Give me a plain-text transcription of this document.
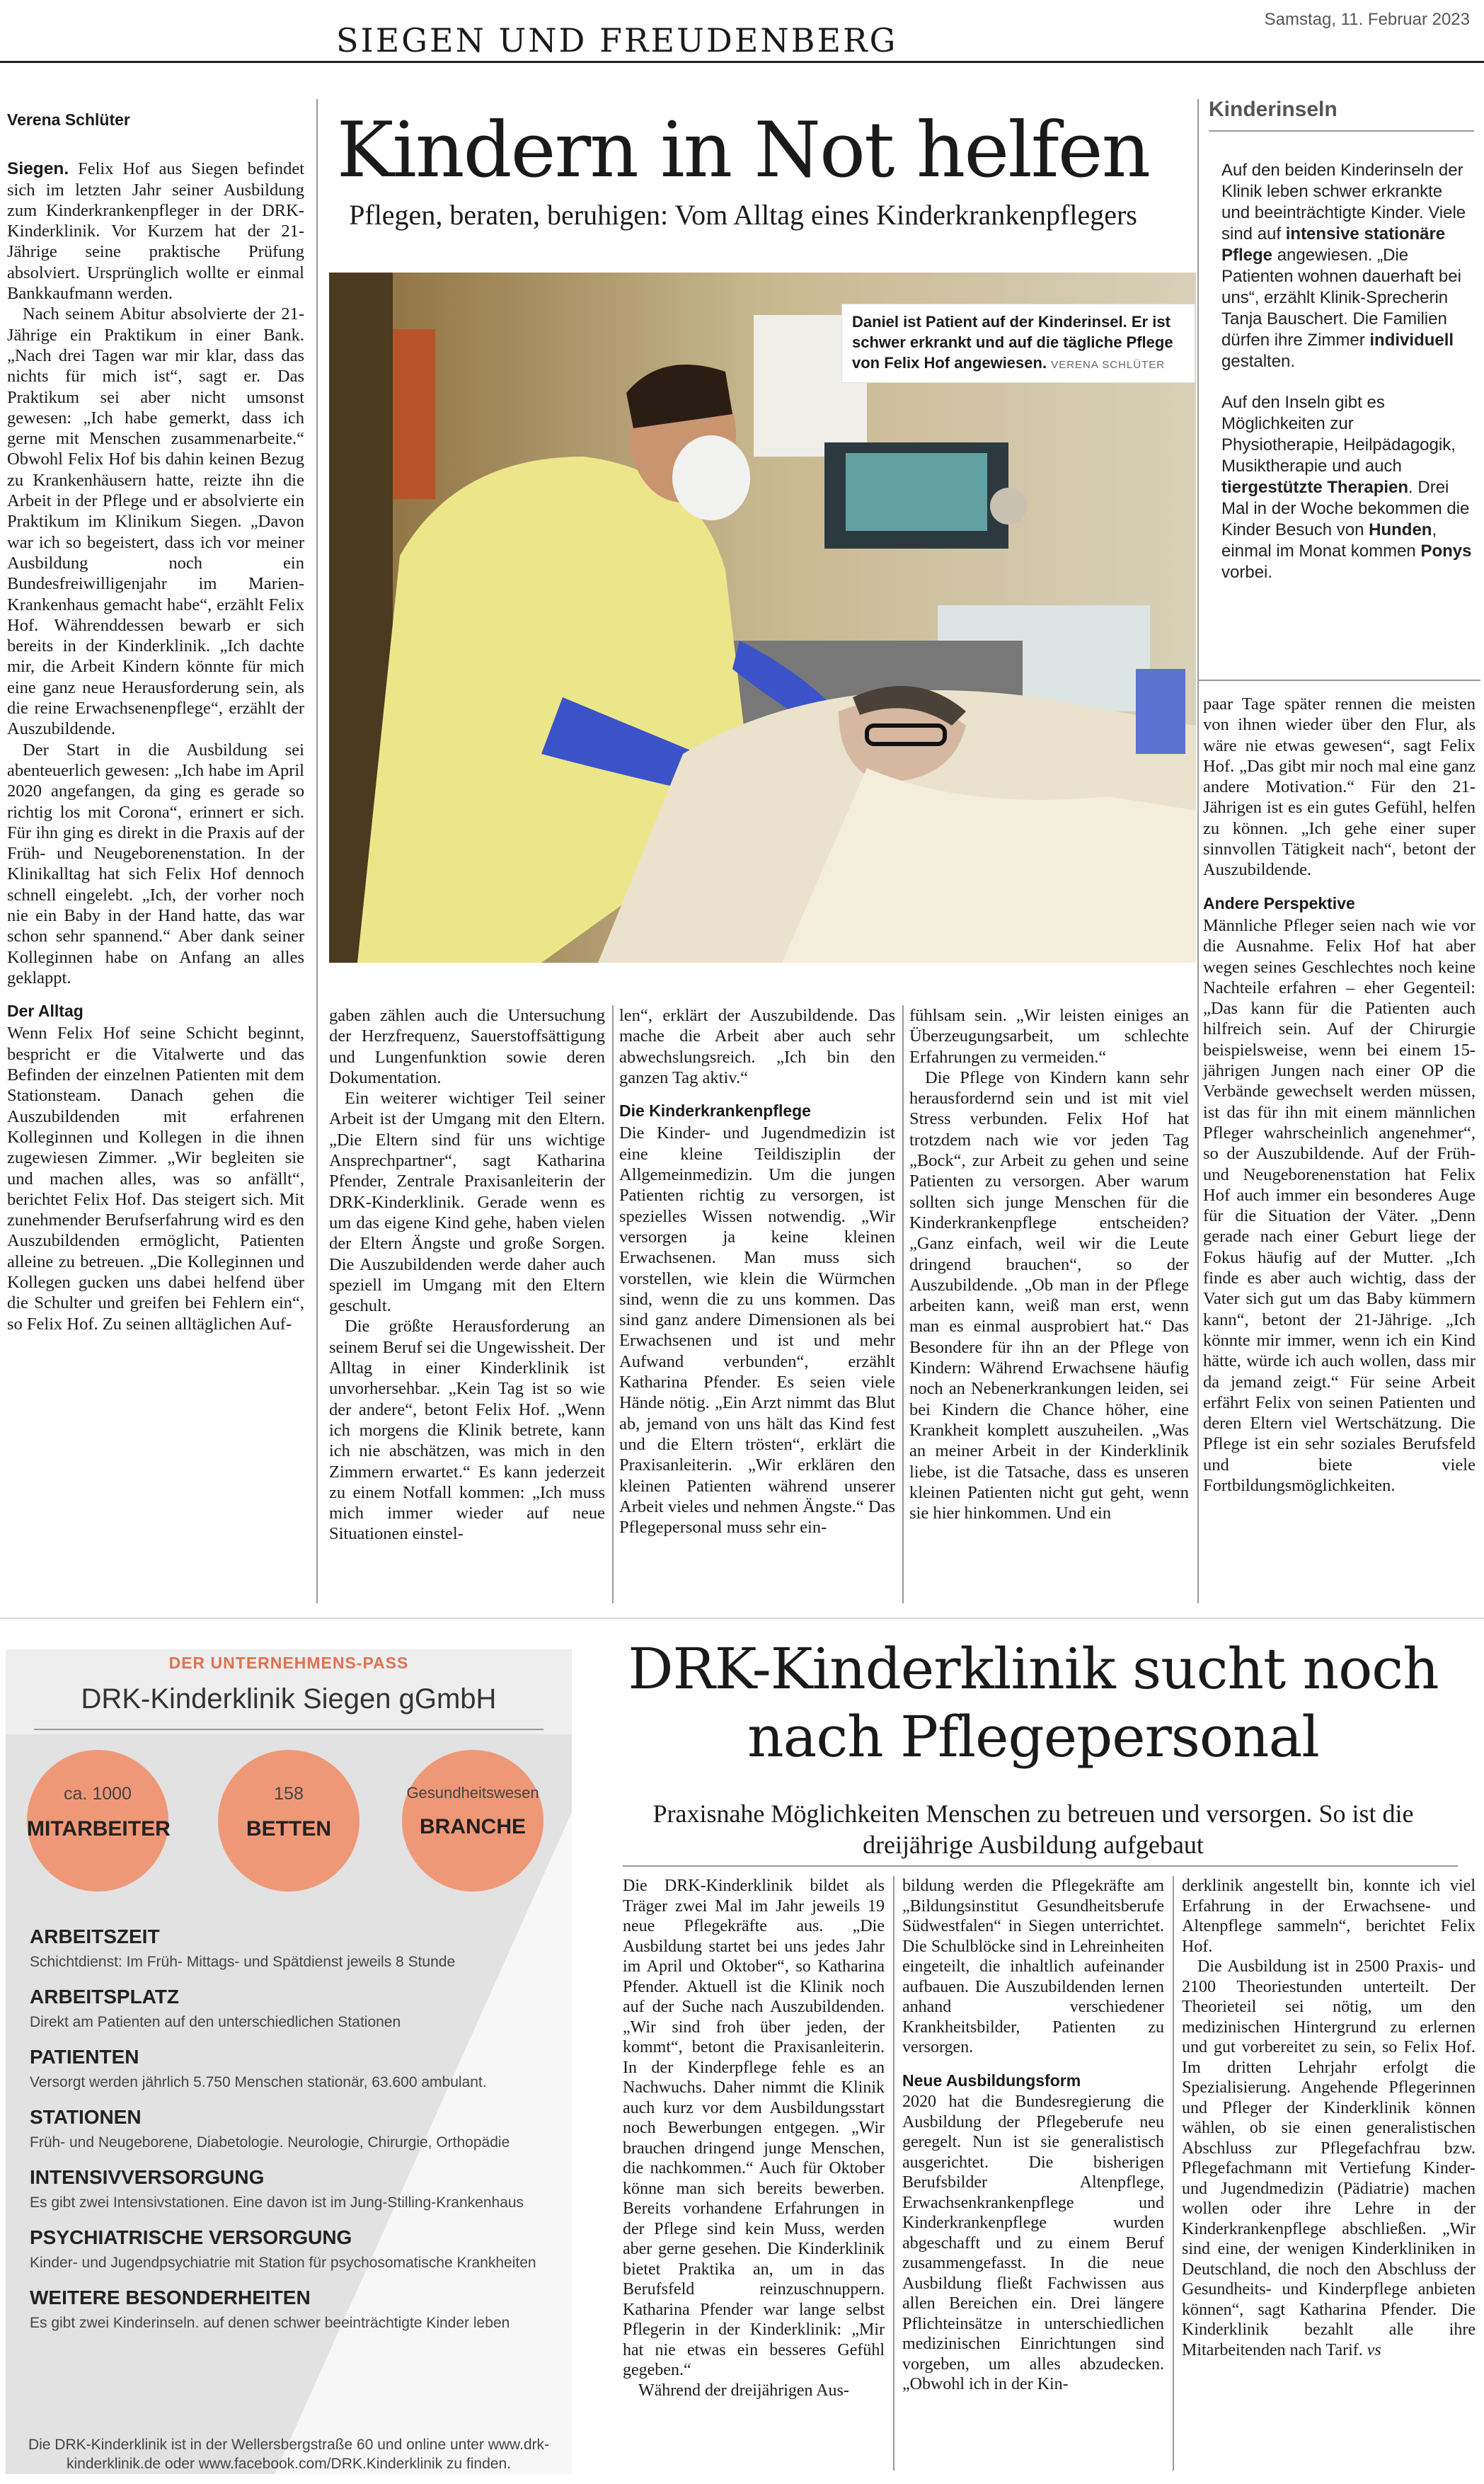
SIEGEN UND FREUDENBERG
Samstag, 11. Februar 2023

Verena Schlüter

Siegen. Felix Hof aus Siegen befindet sich im letzten Jahr seiner Ausbildung zum Kinderkrankenpfleger in der DRK-Kinderklinik. Vor Kurzem hat der 21-Jährige seine praktische Prüfung absolviert. Ursprünglich wollte er einmal Bankkaufmann werden.

Nach seinem Abitur absolvierte der 21-Jährige ein Praktikum in einer Bank. „Nach drei Tagen war mir klar, dass das nichts für mich ist“, sagt er. Das Praktikum sei aber nicht umsonst gewesen: „Ich habe gemerkt, dass ich gerne mit Menschen zusammenarbeite.“ Obwohl Felix Hof bis dahin keinen Bezug zu Krankenhäusern hatte, reizte ihn die Arbeit in der Pflege und er absolvierte ein Praktikum im Klinikum Siegen. „Davon war ich so begeistert, dass ich vor meiner Ausbildung noch ein Bundesfreiwilligenjahr im Marien-Krankenhaus gemacht habe“, erzählt Felix Hof. Währenddessen bewarb er sich bereits in der Kinderklinik. „Ich dachte mir, die Arbeit Kindern könnte für mich eine ganz neue Herausforderung sein, als die reine Erwachsenenpflege“, erzählt der Auszubildende.

Der Start in die Ausbildung sei abenteuerlich gewesen: „Ich habe im April 2020 angefangen, da ging es gerade so richtig los mit Corona“, erinnert er sich. Für ihn ging es direkt in die Praxis auf der Früh- und Neugeborenenstation. In der Klinikalltag hat sich Felix Hof dennoch schnell eingelebt. „Ich, der vorher noch nie ein Baby in der Hand hatte, das war schon sehr spannend.“ Aber dank seiner Kolleginnen habe on Anfang an alles geklappt.

Der Alltag

Wenn Felix Hof seine Schicht beginnt, bespricht er die Vitalwerte und das Befinden der einzelnen Patienten mit dem Stationsteam. Danach gehen die Auszubildenden mit erfahrenen Kolleginnen und Kollegen in die ihnen zugewiesen Zimmer. „Wir begleiten sie und machen alles, was so anfällt“, berichtet Felix Hof. Das steigert sich. Mit zunehmender Berufserfahrung wird es den Auszubildenden ermöglicht, Patienten alleine zu betreuen. „Die Kolleginnen und Kollegen gucken uns dabei helfend über die Schulter und greifen bei Fehlern ein“, so Felix Hof. Zu seinen alltäglichen Auf-

Kindern in Not helfen
Pflegen, beraten, beruhigen: Vom Alltag eines Kinderkrankenpflegers
Daniel ist Patient auf der Kinderinsel. Er ist schwer erkrankt und auf die tägliche Pflege von Felix Hof angewiesen. VERENA SCHLÜTER

gaben zählen auch die Untersuchung der Herzfrequenz, Sauerstoffsättigung und Lungenfunktion sowie deren Dokumentation.

Ein weiterer wichtiger Teil seiner Arbeit ist der Umgang mit den Eltern. „Die Eltern sind für uns wichtige Ansprechpartner“, sagt Katharina Pfender, Zentrale Praxisanleiterin der DRK-Kinderklinik. Gerade wenn es um das eigene Kind gehe, haben vielen der Eltern Ängste und große Sorgen. Die Auszubildenden werde daher auch speziell im Umgang mit den Eltern geschult.

Die größte Herausforderung an seinem Beruf sei die Ungewissheit. Der Alltag in einer Kinderklinik ist unvorhersehbar. „Kein Tag ist so wie der andere“, betont Felix Hof. „Wenn ich morgens die Klinik betrete, kann ich nie abschätzen, was mich in den Zimmern erwartet.“ Es kann jederzeit zu einem Notfall kommen: „Ich muss mich immer wieder auf neue Situationen einstel-

len“, erklärt der Auszubildende. Das mache die Arbeit aber auch sehr abwechslungsreich. „Ich bin den ganzen Tag aktiv.“

Die Kinderkrankenpflege

Die Kinder- und Jugendmedizin ist eine kleine Teildisziplin der Allgemeinmedizin. Um die jungen Patienten richtig zu versorgen, ist spezielles Wissen notwendig. „Wir versorgen ja keine kleinen Erwachsenen. Man muss sich vorstellen, wie klein die Würmchen sind, wenn die zu uns kommen. Das sind ganz andere Dimensionen als bei Erwachsenen und ist und mehr Aufwand verbunden“, erzählt Katharina Pfender. Es seien viele Hände nötig. „Ein Arzt nimmt das Blut ab, jemand von uns hält das Kind fest und die Eltern trösten“, erklärt die Praxisanleiterin. „Wir erklären den kleinen Patienten während unserer Arbeit vieles und nehmen Ängste.“ Das Pflegepersonal muss sehr ein-

fühlsam sein. „Wir leisten einiges an Überzeugungsarbeit, um schlechte Erfahrungen zu vermeiden.“

Die Pflege von Kindern kann sehr herausfordernd sein und ist mit viel Stress verbunden. Felix Hof hat trotzdem nach wie vor jeden Tag „Bock“, zur Arbeit zu gehen und seine Patienten zu versorgen. Aber warum sollten sich junge Menschen für die Kinderkrankenpflege entscheiden? „Ganz einfach, weil wir die Leute dringend brauchen“, so der Auszubildende. „Ob man in der Pflege arbeiten kann, weiß man erst, wenn man es einmal ausprobiert hat.“ Das Besondere für ihn an der Pflege von Kindern: Während Erwachsene häufig noch an Nebenerkrankungen leiden, sei bei Kindern die Chance höher, eine Krankheit komplett auszuheilen. „Was an meiner Arbeit in der Kinderklinik liebe, ist die Tatsache, dass es unseren kleinen Patienten nicht gut geht, wenn sie hier hinkommen. Und ein

Kinderinseln

Auf den beiden Kinderinseln der Klinik leben schwer erkrankte und beeinträchtigte Kinder. Viele sind auf intensive stationäre Pflege angewiesen. „Die Patienten wohnen dauerhaft bei uns“, erzählt Klinik-Sprecherin Tanja Bauschert. Die Familien dürfen ihre Zimmer individuell gestalten.

Auf den Inseln gibt es Möglichkeiten zur Physiotherapie, Heilpädagogik, Musiktherapie und auch tiergestützte Therapien. Drei Mal in der Woche bekommen die Kinder Besuch von Hunden, einmal im Monat kommen Ponys vorbei.

paar Tage später rennen die meisten von ihnen wieder über den Flur, als wäre nie etwas gewesen“, sagt Felix Hof. „Das gibt mir noch mal eine ganz andere Motivation.“ Für den 21-Jährigen ist es ein gutes Gefühl, helfen zu können. „Ich gehe einer super sinnvollen Tätigkeit nach“, betont der Auszubildende.

Andere Perspektive

Männliche Pfleger seien nach wie vor die Ausnahme. Felix Hof hat aber wegen seines Geschlechtes noch keine Nachteile erfahren – eher Gegenteil: „Das kann für die Patienten auch hilfreich sein. Auf der Chirurgie beispielsweise, wenn bei einem 15-jährigen Jungen nach einer OP die Verbände gewechselt werden müssen, ist das für ihn mit einem männlichen Pfleger wahrscheinlich angenehmer“, so der Auszubildende. Auf der Früh- und Neugeborenenstation hat Felix Hof auch immer ein besonderes Auge für die Situation der Väter. „Denn gerade nach einer Geburt liege der Fokus häufig auf der Mutter. „Ich finde es aber auch wichtig, dass der Vater sich gut um das Baby kümmern kann“, betont der 21-Jährige. „Ich könnte mir immer, wenn ich ein Kind hätte, würde ich auch wollen, dass mir da jemand zeigt.“ Für seine Arbeit erfährt Felix von seinen Patienten und deren Eltern viel Wertschätzung. Die Pflege ist ein sehr soziales Berufsfeld und biete viele Fortbildungsmöglichkeiten.

DER UNTERNEHMENS-PASS
DRK-Kinderklinik Siegen gGmbH
ca. 1000
MITARBEITER
158
BETTEN
Gesundheitswesen
BRANCHE
ARBEITSZEIT
Schichtdienst: Im Früh- Mittags- und Spätdienst jeweils 8 Stunde
ARBEITSPLATZ
Direkt am Patienten auf den unterschiedlichen Stationen
PATIENTEN
Versorgt werden jährlich 5.750 Menschen stationär, 63.600 ambulant.
STATIONEN
Früh- und Neugeborene, Diabetologie. Neurologie, Chirurgie, Orthopädie
INTENSIVVERSORGUNG
Es gibt zwei Intensivstationen. Eine davon ist im Jung-Stilling-Krankenhaus
PSYCHIATRISCHE VERSORGUNG
Kinder- und Jugendpsychiatrie mit Station für psychosomatische Krankheiten
WEITERE BESONDERHEITEN
Es gibt zwei Kinderinseln. auf denen schwer beeinträchtigte Kinder leben
Die DRK-Kinderklinik ist in der Wellersbergstraße 60 und online unter www.drk-kinderklinik.de oder www.facebook.com/DRK.Kinderklinik zu finden.
DRK-Kinderklinik sucht noch nach Pflegepersonal
Praxisnahe Möglichkeiten Menschen zu betreuen und versorgen. So ist die dreijährige Ausbildung aufgebaut

Die DRK-Kinderklinik bildet als Träger zwei Mal im Jahr jeweils 19 neue Pflegekräfte aus. „Die Ausbildung startet bei uns jedes Jahr im April und Oktober“, so Katharina Pfender. Aktuell ist die Klinik noch auf der Suche nach Auszubildenden. „Wir sind froh über jeden, der kommt“, betont die Praxisanleiterin. In der Kinderpflege fehle es an Nachwuchs. Daher nimmt die Klinik auch kurz vor dem Ausbildungsstart noch Bewerbungen entgegen. „Wir brauchen dringend junge Menschen, die nachkommen.“ Auch für Oktober könne man sich bereits bewerben. Bereits vorhandene Erfahrungen in der Pflege sind kein Muss, werden aber gerne gesehen. Die Kinderklinik bietet Praktika an, um in das Berufsfeld reinzuschnuppern. Katharina Pfender war lange selbst Pflegerin in der Kinderklinik: „Mir hat nie etwas ein besseres Gefühl gegeben.“

Während der dreijährigen Aus-

bildung werden die Pflegekräfte am „Bildungsinstitut Gesundheitsberufe Südwestfalen“ in Siegen unterrichtet. Die Schulblöcke sind in Lehreinheiten eingeteilt, die inhaltlich aufeinander aufbauen. Die Auszubildenden lernen anhand verschiedener Krankheitsbilder, Patienten zu versorgen.

Neue Ausbildungsform

2020 hat die Bundesregierung die Ausbildung der Pflegeberufe neu geregelt. Nun ist sie generalistisch ausgerichtet. Die bisherigen Berufsbilder Altenpflege, Erwachsenkrankenpflege und Kinderkrankenpflege wurden abgeschafft und zu einem Beruf zusammengefasst. In die neue Ausbildung fließt Fachwissen aus allen Bereichen ein. Drei längere Pflichteinsätze in unterschiedlichen medizinischen Einrichtungen sind vorgeben, um alles abzudecken. „Obwohl ich in der Kin-

derklinik angestellt bin, konnte ich viel Erfahrung in der Erwachsene- und Altenpflege sammeln“, berichtet Felix Hof.

Die Ausbildung ist in 2500 Praxis- und 2100 Theoriestunden unterteilt. Der Theorieteil sei nötig, um den medizinischen Hintergrund zu erlernen und gut vorbereitet zu sein, so Felix Hof. Im dritten Lehrjahr erfolgt die Spezialisierung. Angehende Pflegerinnen und Pfleger der Kinderklinik können wählen, ob sie einen generalistischen Abschluss zur Pflegefachfrau bzw. Pflegefachmann mit Vertiefung Kinder- und Jugendmedizin (Pädiatrie) machen wollen oder ihre Lehre in der Kinderkrankenpflege abschließen. „Wir sind eine, der wenigen Kinderkliniken in Deutschland, die noch den Abschluss der Gesundheits- und Kinderpflege anbieten können“, sagt Katharina Pfender. Die Kinderklinik bezahlt alle ihre Mitarbeitenden nach Tarif. vs
